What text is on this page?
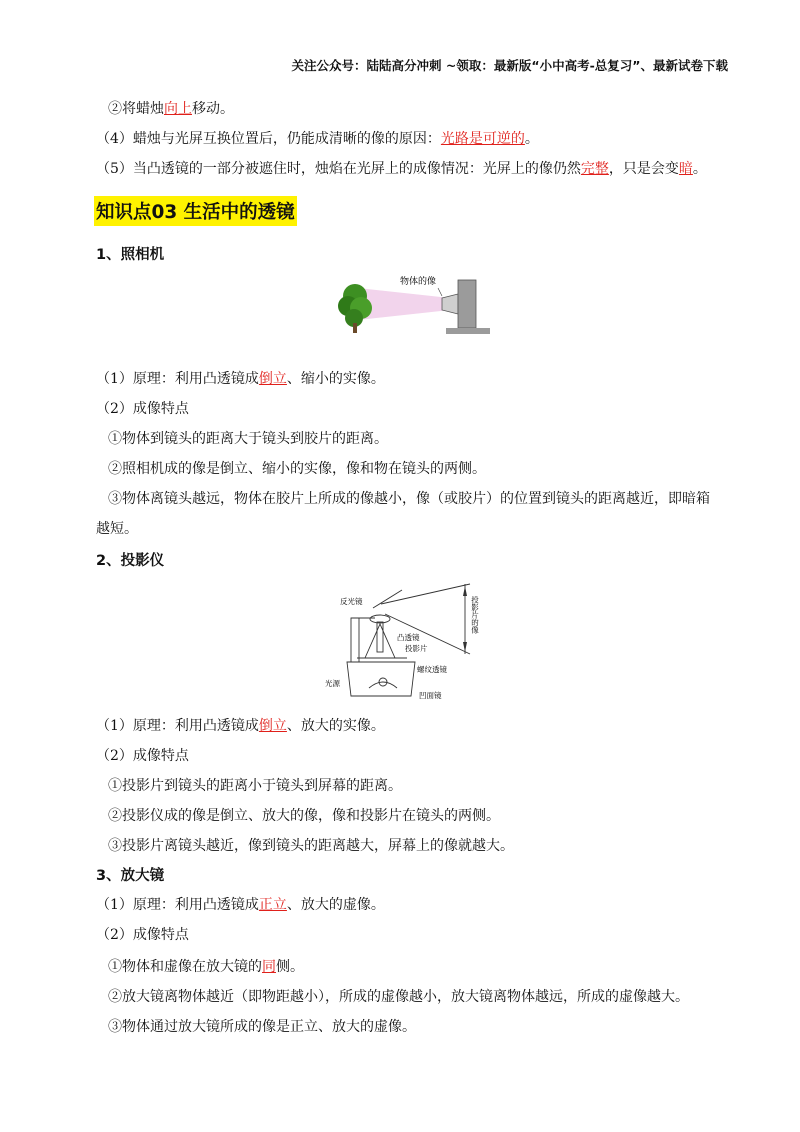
关注公众号：陆陆高分冲刺 ~领取：最新版“小中高考-总复习”、最新试卷下载
②将蜡烛向上移动。
（4）蜡烛与光屏互换位置后，仍能成清晰的像的原因：光路是可逆的。
（5）当凸透镜的一部分被遮住时，烛焰在光屏上的成像情况：光屏上的像仍然完整，只是会变暗。
知识点03 生活中的透镜
1、照相机
物体的像
（1）原理：利用凸透镜成倒立、缩小的实像。
（2）成像特点
①物体到镜头的距离大于镜头到胶片的距离。
②照相机成的像是倒立、缩小的实像，像和物在镜头的两侧。
③物体离镜头越远，物体在胶片上所成的像越小，像（或胶片）的位置到镜头的距离越近，即暗箱
越短。
2、投影仪
反光镜
凸透镜
投影片
螺纹透镜
光源
凹面镜
投影片的像
（1）原理：利用凸透镜成倒立、放大的实像。
（2）成像特点
①投影片到镜头的距离小于镜头到屏幕的距离。
②投影仪成的像是倒立、放大的像，像和投影片在镜头的两侧。
③投影片离镜头越近，像到镜头的距离越大，屏幕上的像就越大。
3、放大镜
（1）原理：利用凸透镜成正立、放大的虚像。
（2）成像特点
①物体和虚像在放大镜的同侧。
②放大镜离物体越近（即物距越小），所成的虚像越小，放大镜离物体越远，所成的虚像越大。
③物体通过放大镜所成的像是正立、放大的虚像。
